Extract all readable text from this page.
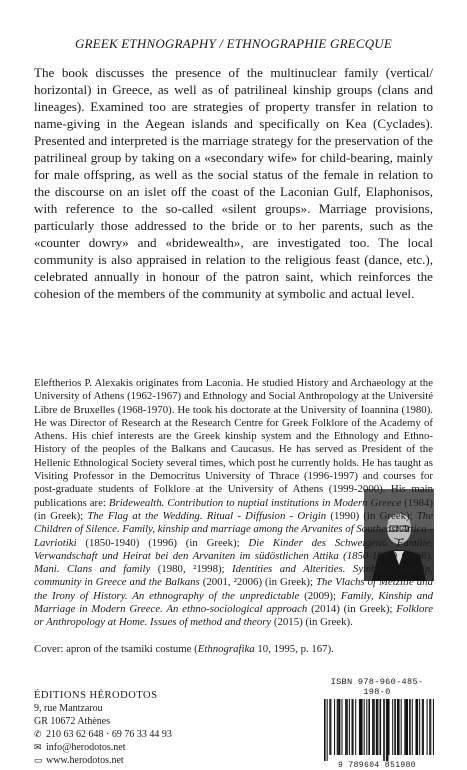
GREEK ETHNOGRAPHY / ETHNOGRAPHIE GRECQUE

The book discusses the presence of the multinuclear family (vertical/ horizontal) in Greece, as well as of patrilineal kinship groups (clans and lineages). Examined too are strategies of property transfer in relation to name-giving in the Aegean islands and specifically on Kea (Cyclades). Presented and interpreted is the marriage strategy for the preservation of the patrilineal group by taking on a «secondary wife» for child-bearing, mainly for male offspring, as well as the social status of the female in relation to the discourse on an islet off the coast of the Laconian Gulf, Elaphonisos, with reference to the so-called «silent groups». Marriage provisions, particularly those addressed to the bride or to her parents, such as the «counter dowry» and «bridewealth», are investigated too. The local community is also appraised in relation to the religious feast (dance, etc.), celebrated annually in honour of the patron saint, which reinforces the cohesion of the members of the community at symbolic and actual level.

Eleftherios P. Alexakis originates from Laconia. He studied History and Archaeology at the University of Athens (1962-1967) and Ethnology and Social Anthropology at the Université Libre de Bruxelles (1968-1970). He took his doctorate at the University of Ioannina (1980). He was Director of Research at the Research Centre for Greek Folklore of the Academy of Athens. His chief interests are the Greek kinship system and the Ethnology and Ethno-History of the peoples of the Balkans and Caucasus. He has served as President of the Hellenic Ethnological Society several times, which post he currently holds. He has taught as Visiting Professor in the Democritus University of Thrace (1996-1997) and courses for post-graduate students of Folklore at the University of Athens (1999-2000). His main publications are: Bridewealth. Contribution to nuptial institutions in Modern Greece (1984) (in Greek); The Flag at the Wedding. Ritual - Diffusion - Origin (1990) (in Greek); The Children of Silence. Family, kinship and marriage among the Arvanites of Southeast Attica - Lavriotiki (1850-1940) (1996) (in Greek); Die Kinder des Schweigens. Familie, Verwandschaft und Heirat bei den Arvaniten im südöstlichen Attika (1850-1940) (2008). Mani. Clans and family (1980, ²1998); Identities and Alterities. Symbols, kinship, community in Greece and the Balkans (2001, ²2006) (in Greek); The Vlachs of Metzitie and the Irony of History. An ethnography of the unpredictable (2009); Family, Kinship and Marriage in Modern Greece. An ethno-sociological approach (2014) (in Greek); Folklore or Anthropology at Home. Issues of method and theory (2015) (in Greek).

Cover: apron of the tsamiki costume (Ethnografika 10, 1995, p. 167).

ÉDITIONS HÉRODOTOS
9, rue Mantzarou
GR 10672 Athènes
✆ 210 63 62 648 · 69 76 33 44 93
✉ info@herodotos.net
▭ www.herodotos.net
ISBN 978-960-485-198-0
9 789604 851980
